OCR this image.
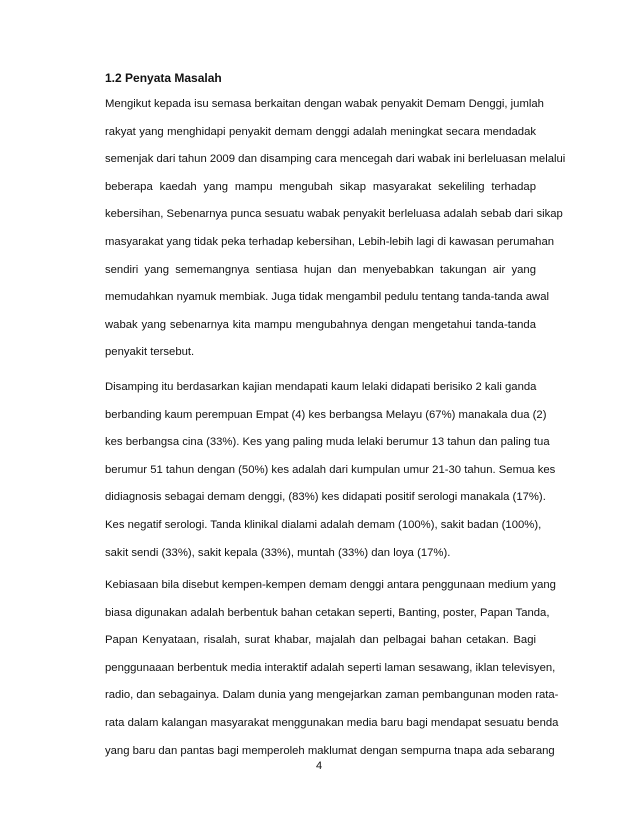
1.2 Penyata Masalah
Mengikut kepada isu semasa berkaitan dengan wabak penyakit Demam Denggi, jumlah
rakyat yang menghidapi penyakit demam denggi adalah meningkat secara mendadak
semenjak dari tahun 2009 dan disamping cara mencegah dari wabak ini berleluasan melalui
beberapa kaedah yang mampu mengubah sikap masyarakat sekeliling terhadap
kebersihan, Sebenarnya punca sesuatu wabak penyakit berleluasa adalah sebab dari sikap
masyarakat yang tidak peka terhadap kebersihan, Lebih-lebih lagi di kawasan perumahan
sendiri yang sememangnya sentiasa hujan dan menyebabkan takungan air yang
memudahkan nyamuk membiak. Juga tidak mengambil pedulu tentang tanda-tanda awal
wabak yang sebenarnya kita mampu mengubahnya dengan mengetahui tanda-tanda
penyakit tersebut.
Disamping itu berdasarkan kajian mendapati kaum lelaki didapati berisiko 2 kali ganda
berbanding kaum perempuan Empat (4) kes berbangsa Melayu (67%) manakala dua (2)
kes berbangsa cina (33%). Kes yang paling muda lelaki berumur 13 tahun dan paling tua
berumur 51 tahun dengan (50%) kes adalah dari kumpulan umur 21-30 tahun. Semua kes
didiagnosis sebagai demam denggi, (83%) kes didapati positif serologi manakala (17%).
Kes negatif serologi. Tanda klinikal dialami adalah demam (100%), sakit badan (100%),
sakit sendi (33%), sakit kepala (33%), muntah (33%) dan loya (17%).
Kebiasaan bila disebut kempen-kempen demam denggi antara penggunaan medium yang
biasa digunakan adalah berbentuk bahan cetakan seperti, Banting, poster, Papan Tanda,
Papan Kenyataan, risalah, surat khabar, majalah dan pelbagai bahan cetakan. Bagi
penggunaaan berbentuk media interaktif adalah seperti laman sesawang, iklan televisyen,
radio, dan sebagainya. Dalam dunia yang mengejarkan zaman pembangunan moden rata-
rata dalam kalangan masyarakat menggunakan media baru bagi mendapat sesuatu benda
yang baru dan pantas bagi memperoleh maklumat dengan sempurna tnapa ada sebarang
4
